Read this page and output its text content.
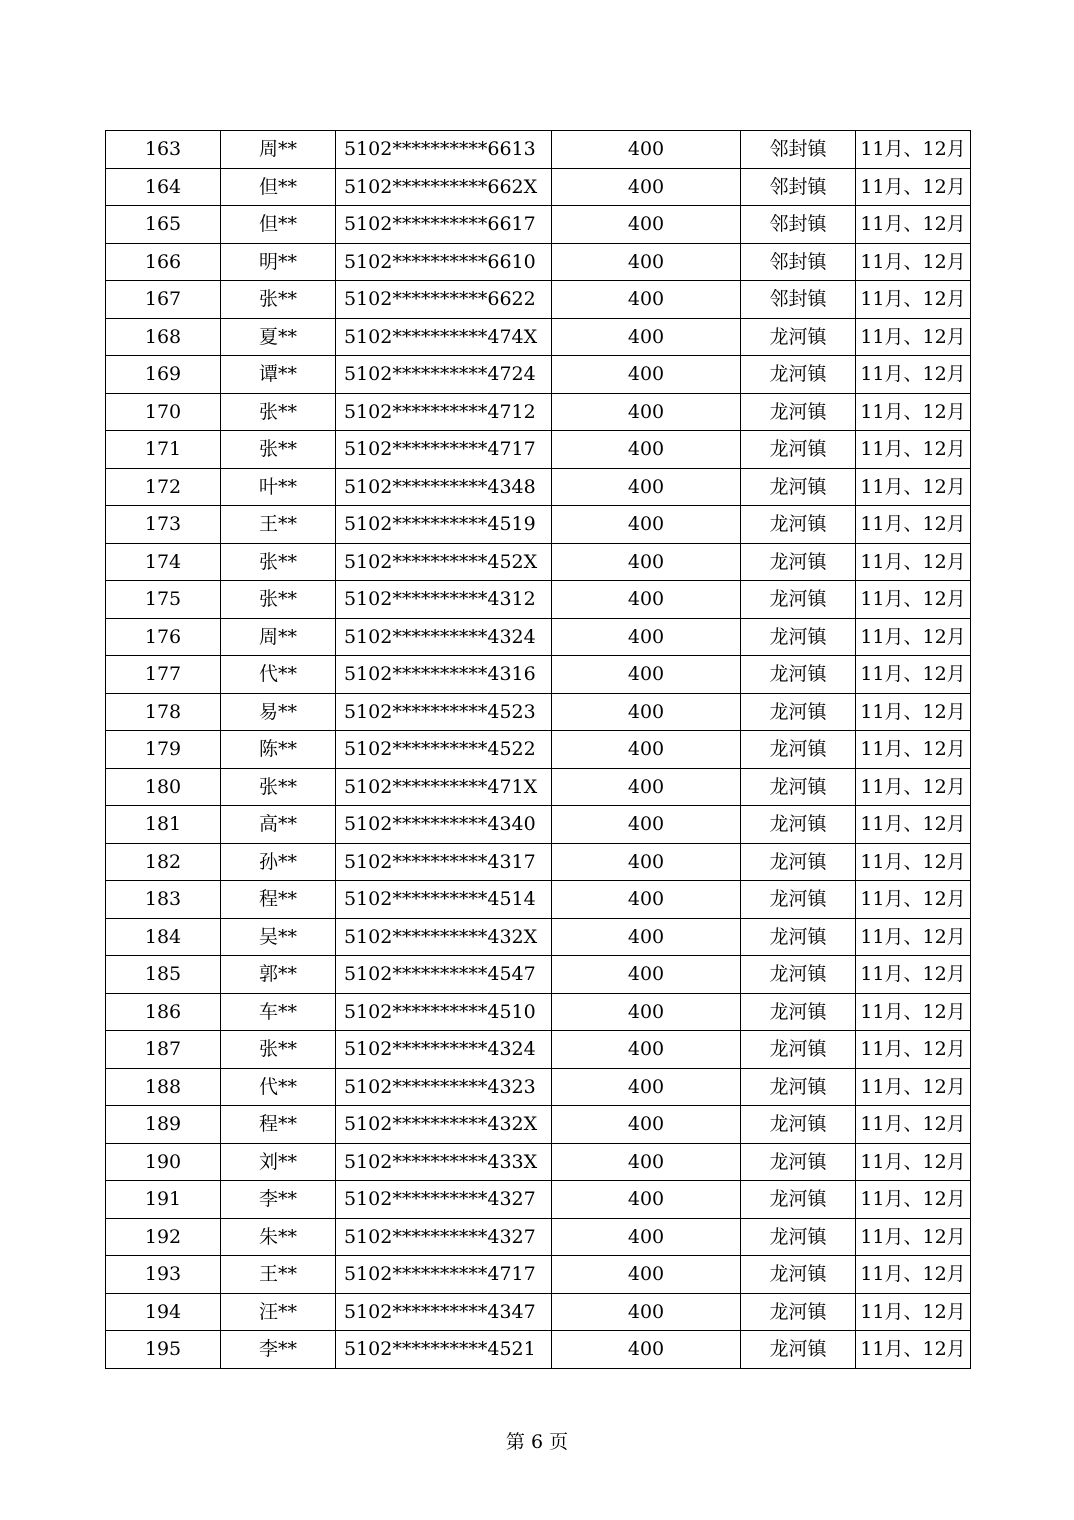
163	周**	5102**********6613	400	邻封镇	11月、12月
164	但**	5102**********662X	400	邻封镇	11月、12月
165	但**	5102**********6617	400	邻封镇	11月、12月
166	明**	5102**********6610	400	邻封镇	11月、12月
167	张**	5102**********6622	400	邻封镇	11月、12月
168	夏**	5102**********474X	400	龙河镇	11月、12月
169	谭**	5102**********4724	400	龙河镇	11月、12月
170	张**	5102**********4712	400	龙河镇	11月、12月
171	张**	5102**********4717	400	龙河镇	11月、12月
172	叶**	5102**********4348	400	龙河镇	11月、12月
173	王**	5102**********4519	400	龙河镇	11月、12月
174	张**	5102**********452X	400	龙河镇	11月、12月
175	张**	5102**********4312	400	龙河镇	11月、12月
176	周**	5102**********4324	400	龙河镇	11月、12月
177	代**	5102**********4316	400	龙河镇	11月、12月
178	易**	5102**********4523	400	龙河镇	11月、12月
179	陈**	5102**********4522	400	龙河镇	11月、12月
180	张**	5102**********471X	400	龙河镇	11月、12月
181	高**	5102**********4340	400	龙河镇	11月、12月
182	孙**	5102**********4317	400	龙河镇	11月、12月
183	程**	5102**********4514	400	龙河镇	11月、12月
184	吴**	5102**********432X	400	龙河镇	11月、12月
185	郭**	5102**********4547	400	龙河镇	11月、12月
186	车**	5102**********4510	400	龙河镇	11月、12月
187	张**	5102**********4324	400	龙河镇	11月、12月
188	代**	5102**********4323	400	龙河镇	11月、12月
189	程**	5102**********432X	400	龙河镇	11月、12月
190	刘**	5102**********433X	400	龙河镇	11月、12月
191	李**	5102**********4327	400	龙河镇	11月、12月
192	朱**	5102**********4327	400	龙河镇	11月、12月
193	王**	5102**********4717	400	龙河镇	11月、12月
194	汪**	5102**********4347	400	龙河镇	11月、12月
195	李**	5102**********4521	400	龙河镇	11月、12月
第 6 页
